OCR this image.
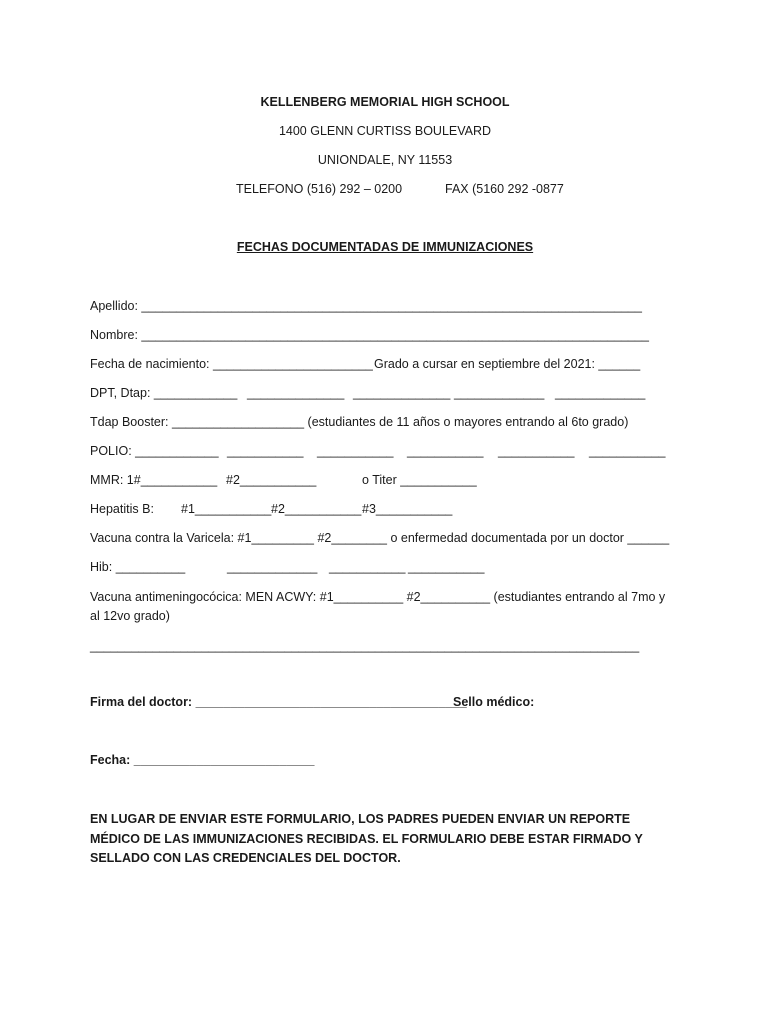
KELLENBERG MEMORIAL HIGH SCHOOL
1400 GLENN CURTISS BOULEVARD
UNIONDALE, NY 11553
TELEFONO (516) 292 – 0200	FAX (5160 292 -0877
FECHAS DOCUMENTADAS DE IMMUNIZACIONES
Apellido: ________________________________________________________________________
Nombre: _________________________________________________________________________
Fecha de nacimiento: _______________________ Grado a cursar en septiembre del 2021: ______
DPT, Dtap: ____________ ______________ ______________ _____________ _____________
Tdap Booster: ___________________ (estudiantes de 11 años o mayores entrando al 6to grado)
POLIO: ____________ ___________ ___________ ___________ ___________ ___________
MMR: 1#___________ #2___________	o Titer ___________
Hepatitis B: #1___________ #2___________ #3___________
Vacuna contra la Varicela: #1_________ #2________ o enfermedad documentada por un doctor ______
Hib: __________	_____________ ___________ ___________
Vacuna antimeningocócica: MEN ACWY: #1__________ #2__________ (estudiantes entrando al 7mo y al 12vo grado)
_______________________________________________________________________________
Firma del doctor: _______________________________________
Sello médico:
Fecha: __________________________
EN LUGAR DE ENVIAR ESTE FORMULARIO, LOS PADRES PUEDEN ENVIAR UN REPORTE MÉDICO DE LAS IMMUNIZACIONES RECIBIDAS. EL FORMULARIO DEBE ESTAR FIRMADO Y SELLADO CON LAS CREDENCIALES DEL DOCTOR.
